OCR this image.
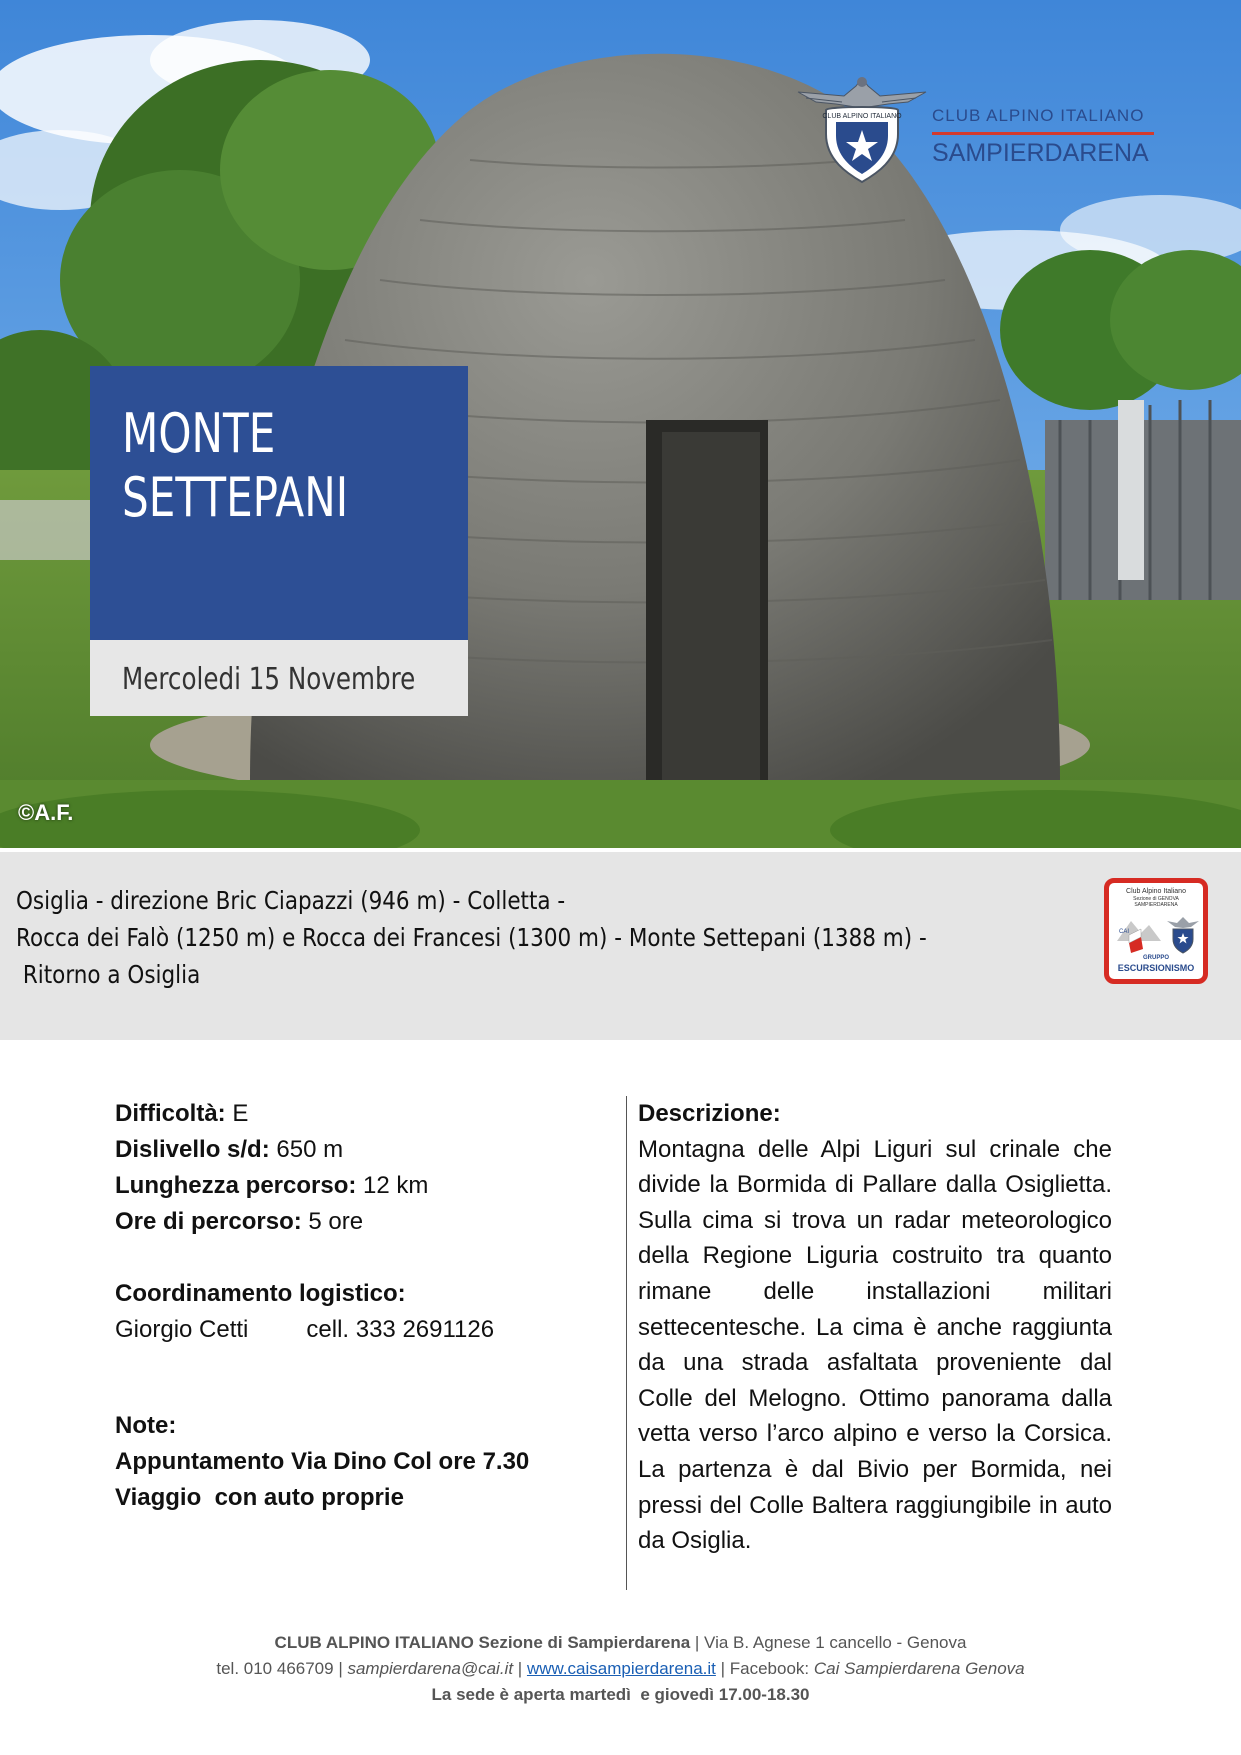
©A.F.
CLUB ALPINO ITALIANO CLUB ALPINO ITALIANO
SAMPIERDARENA
MONTE
SETTEPANI
Mercoledi 15 Novembre
Osiglia - direzione Bric Ciapazzi (946 m) - Colletta -
Rocca dei Falò (1250 m) e Rocca dei Francesi (1300 m) - Monte Settepani (1388 m) -
Ritorno a Osiglia
Club Alpino Italiano
Sezione di GENOVA
SAMPIERDARENA
CAI
GRUPPO
ESCURSIONISMO
Difficoltà: E
Dislivello s/d: 650 m
Lunghezza percorso: 12 km
Ore di percorso: 5 ore
Coordinamento logistico:
Giorgio Cetti cell. 333 2691126
Note:
Appuntamento Via Dino Col ore 7.30
Viaggio  con auto proprie
Descrizione:
Montagna delle Alpi Liguri sul crinale che divide la Bormida di Pallare dalla Osiglietta. Sulla cima si trova un radar meteorologico della Regione Liguria costruito tra quanto rimane delle installazioni militari settecentesche. La cima è anche raggiunta da una strada asfaltata proveniente dal Colle del Melogno. Ottimo panorama dalla vetta verso l’arco alpino e verso la Corsica. La partenza è dal Bivio per Bormida, nei pressi del Colle Baltera raggiungibile in auto da Osiglia.
CLUB ALPINO ITALIANO Sezione di Sampierdarena | Via B. Agnese 1 cancello - Genova
tel. 010 466709 | sampierdarena@cai.it | www.caisampierdarena.it | Facebook: Cai Sampierdarena Genova
La sede è aperta martedì  e giovedì 17.00-18.30
